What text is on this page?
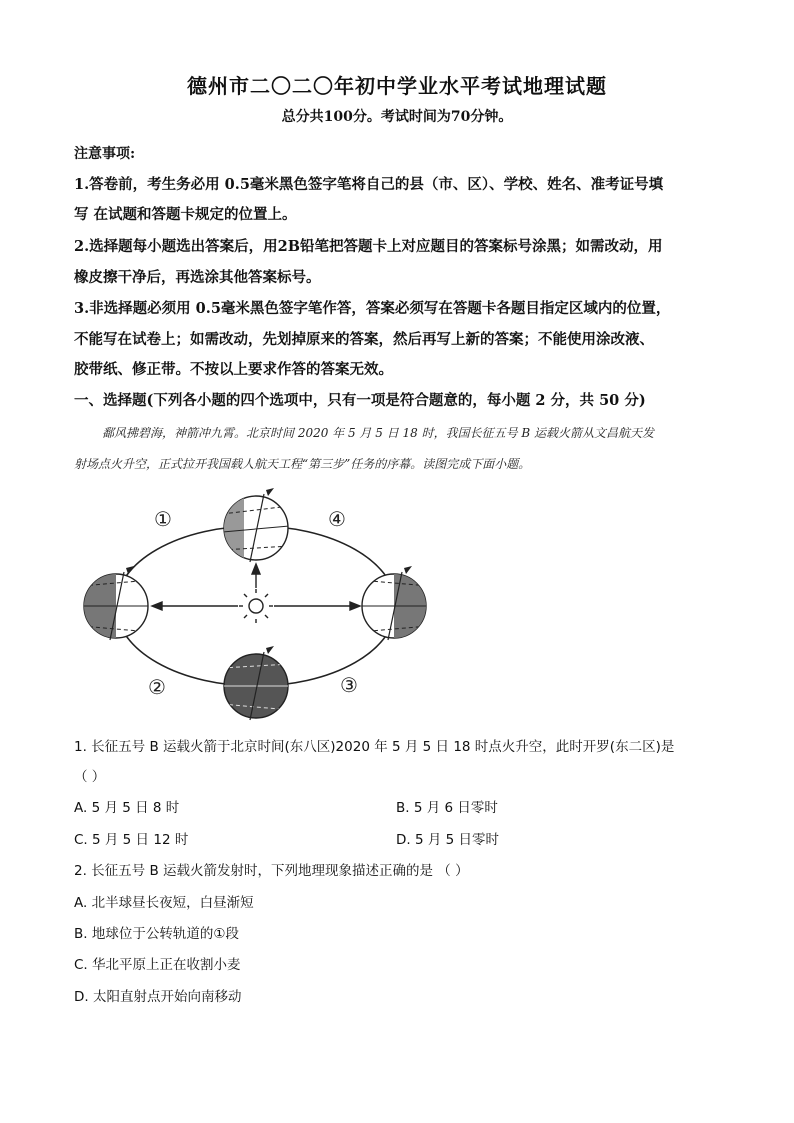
德州市二〇二〇年初中学业水平考试地理试题
总分共100分。考试时间为70分钟。
注意事项:
1.答卷前，考生务必用 0.5毫米黑色签字笔将自己的县（市、区）、学校、姓名、准考证号填
写 在试题和答题卡规定的位置上。
2.选择题每小题选出答案后，用2B铅笔把答题卡上对应题目的答案标号涂黑；如需改动，用
橡皮擦干净后，再选涂其他答案标号。
3.非选择题必须用 0.5毫米黑色签字笔作答，答案必须写在答题卡各题目指定区域内的位置，
不能写在试卷上；如需改动，先划掉原来的答案，然后再写上新的答案；不能使用涂改液、
胶带纸、修正带。不按以上要求作答的答案无效。
一、选择题(下列各小题的四个选项中，只有一项是符合题意的，每小题 2 分，共 50 分)
鄱风拂碧海，神箭冲九霄。北京时间 2020 年 5 月 5 日 18 时，我国长征五号 B 运载火箭从文昌航天发
射场点火升空，正式拉开我国载人航天工程“第三步”任务的序幕。读图完成下面小题。
①
②	③
④
1. 长征五号 B 运载火箭于北京时间(东八区)2020 年 5 月 5 日 18 时点火升空，此时开罗(东二区)是
（ ）
A. 5 月 5 日 8 时	B. 5 月 6 日零时
C. 5 月 5 日 12 时	D. 5 月 5 日零时
2. 长征五号 B 运载火箭发射时，下列地理现象描述正确的是 （ ）
A. 北半球昼长夜短，白昼渐短
B. 地球位于公转轨道的①段
C. 华北平原上正在收割小麦
D. 太阳直射点开始向南移动
